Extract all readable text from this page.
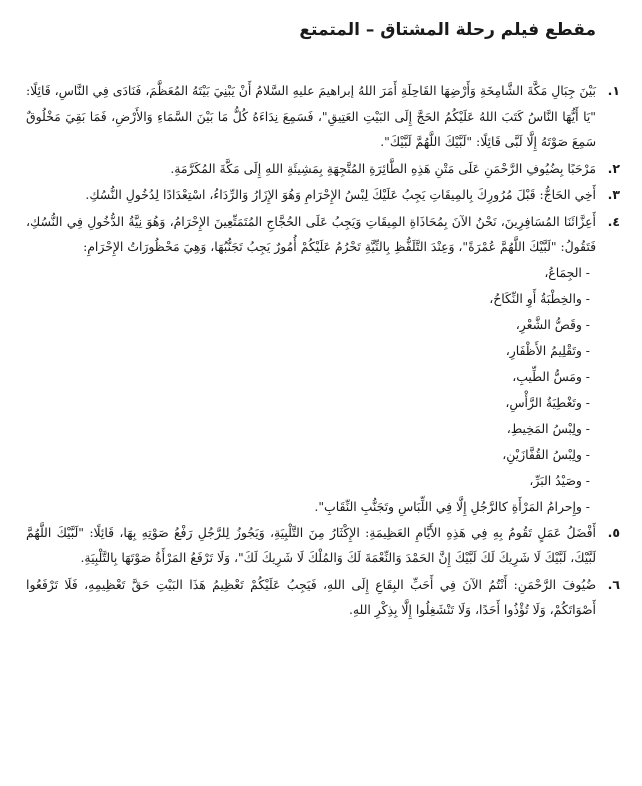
مقطع فيلم رحلة المشتاق – المتمتع
١.
بَيْنَ جِبَالِ مَكَّةَ الشَّامِخَةِ وَأَرْضِهَا القَاحِلَةِ أَمَرَ اللهُ إبراهيمَ عليهِ السَّلامُ أَنْ يَبْنِيَ بَيْتَهُ المُعَظَّمَ، فَنَادَى فِي النَّاسِ، قَائِلًا: "يَا أَيُّهَا النَّاسُ كَتَبَ اللهُ عَلَيْكُمُ الحَجَّ إِلَى البَيْتِ العَتِيقِ"، فَسَمِعَ نِدَاءَهُ كُلُّ مَا بَيْنَ السَّمَاءِ وَالأَرْضِ، فَمَا بَقِيَ مَخْلُوقٌ سَمِعَ صَوْتَهُ إِلَّا لَبَّى قَائِلًا: "لَبَّيْكَ اللَّهُمَّ لَبَّيْكَ".
٢.
مَرْحَبًا بِضُيُوفِ الرَّحْمَنِ عَلَى مَتْنِ هَذِهِ الطَّائِرَةِ المُتَّجِهَةِ بِمَشِيئَةِ اللهِ إِلَى مَكَّةَ المُكَرَّمَةِ.
٣.
أَخِي الحَاجُّ: قَبْلَ مُرُورِكَ بِالمِيقَاتِ يَجِبُ عَلَيْكَ لِبْسُ الإِحْرَامِ وَهُوَ الإِزَارُ وَالرِّدَاءُ، اسْتِعْدَادًا لِدُخُولِ النُّسُكِ.
٤.
أَعِزَّائَنَا المُسَافِرِينَ، نَحْنُ الآنَ بِمُحَاذَاةِ المِيقَاتِ وَيَجِبُ عَلَى الحُجَّاجِ المُتَمَتِّعِينَ الإِحْرَامُ، وَهُوَ نِيَّةُ الدُّخُولِ فِي النُّسُكِ، فَتَقُولُ: "لَبَّيْكَ اللَّهُمَّ عُمْرَةً"، وَعِنْدَ التَّلَفُّظِ بِالنِّيَّةِ تَحْرُمُ عَلَيْكُمْ أُمُورٌ يَجِبُ تَجَنُّبُهَا، وَهِيَ مَحْظُورَاتُ الإِحْرَامِ:
- الجِمَاعُ،
- والخِطْبَةُ أَوِ النِّكَاحُ،
- وقَصُّ الشَّعْرِ،
- وتَقْلِيمُ الأَظْفَارِ،
- ومَسُّ الطِّيبِ،
- وتَغْطِيَةُ الرَّأْسِ،
- ولِبْسُ المَخِيطِ،
- ولِبْسُ القُفَّازَيْنِ،
- وصَيْدُ البَرِّ،
- وإِحرامُ المَرْأَةِ كالرَّجُلِ إِلَّا فِي اللِّبَاسِ وتَجَنُّبِ النِّقَابِ".
٥.
أَفْضَلُ عَمَلٍ تَقُومُ بِهِ فِي هَذِهِ الأَيَّامِ العَظِيمَةِ: الإِكْثَارُ مِنَ التَّلْبِيَةِ، وَيَجُوزُ لِلرَّجُلِ رَفْعُ صَوْتِهِ بِهَا، قَائِلًا: "لَبَّيْكَ اللَّهُمَّ لَبَّيْكَ، لَبَّيْكَ لَا شَرِيكَ لَكَ لَبَّيْكَ إِنَّ الحَمْدَ وَالنِّعْمَةَ لَكَ وَالمُلْكَ لَا شَرِيكَ لَكَ"، وَلَا تَرْفَعُ المَرْأَةُ صَوْتَهَا بِالتَّلْبِيَةِ.
٦.
ضُيُوفَ الرَّحْمَنِ: أَنْتُمُ الآنَ فِي أَحَبِّ البِقَاعِ إِلَى اللهِ، فَيَجِبُ عَلَيْكُمْ تَعْظِيمُ هَذَا البَيْتِ حَقَّ تَعْظِيمِهِ، فَلَا تَرْفَعُوا أَصْوَاتَكُمْ، وَلَا تُؤْذُوا أَحَدًا، وَلَا تَنْشَغِلُوا إِلَّا بِذِكْرِ اللهِ.
